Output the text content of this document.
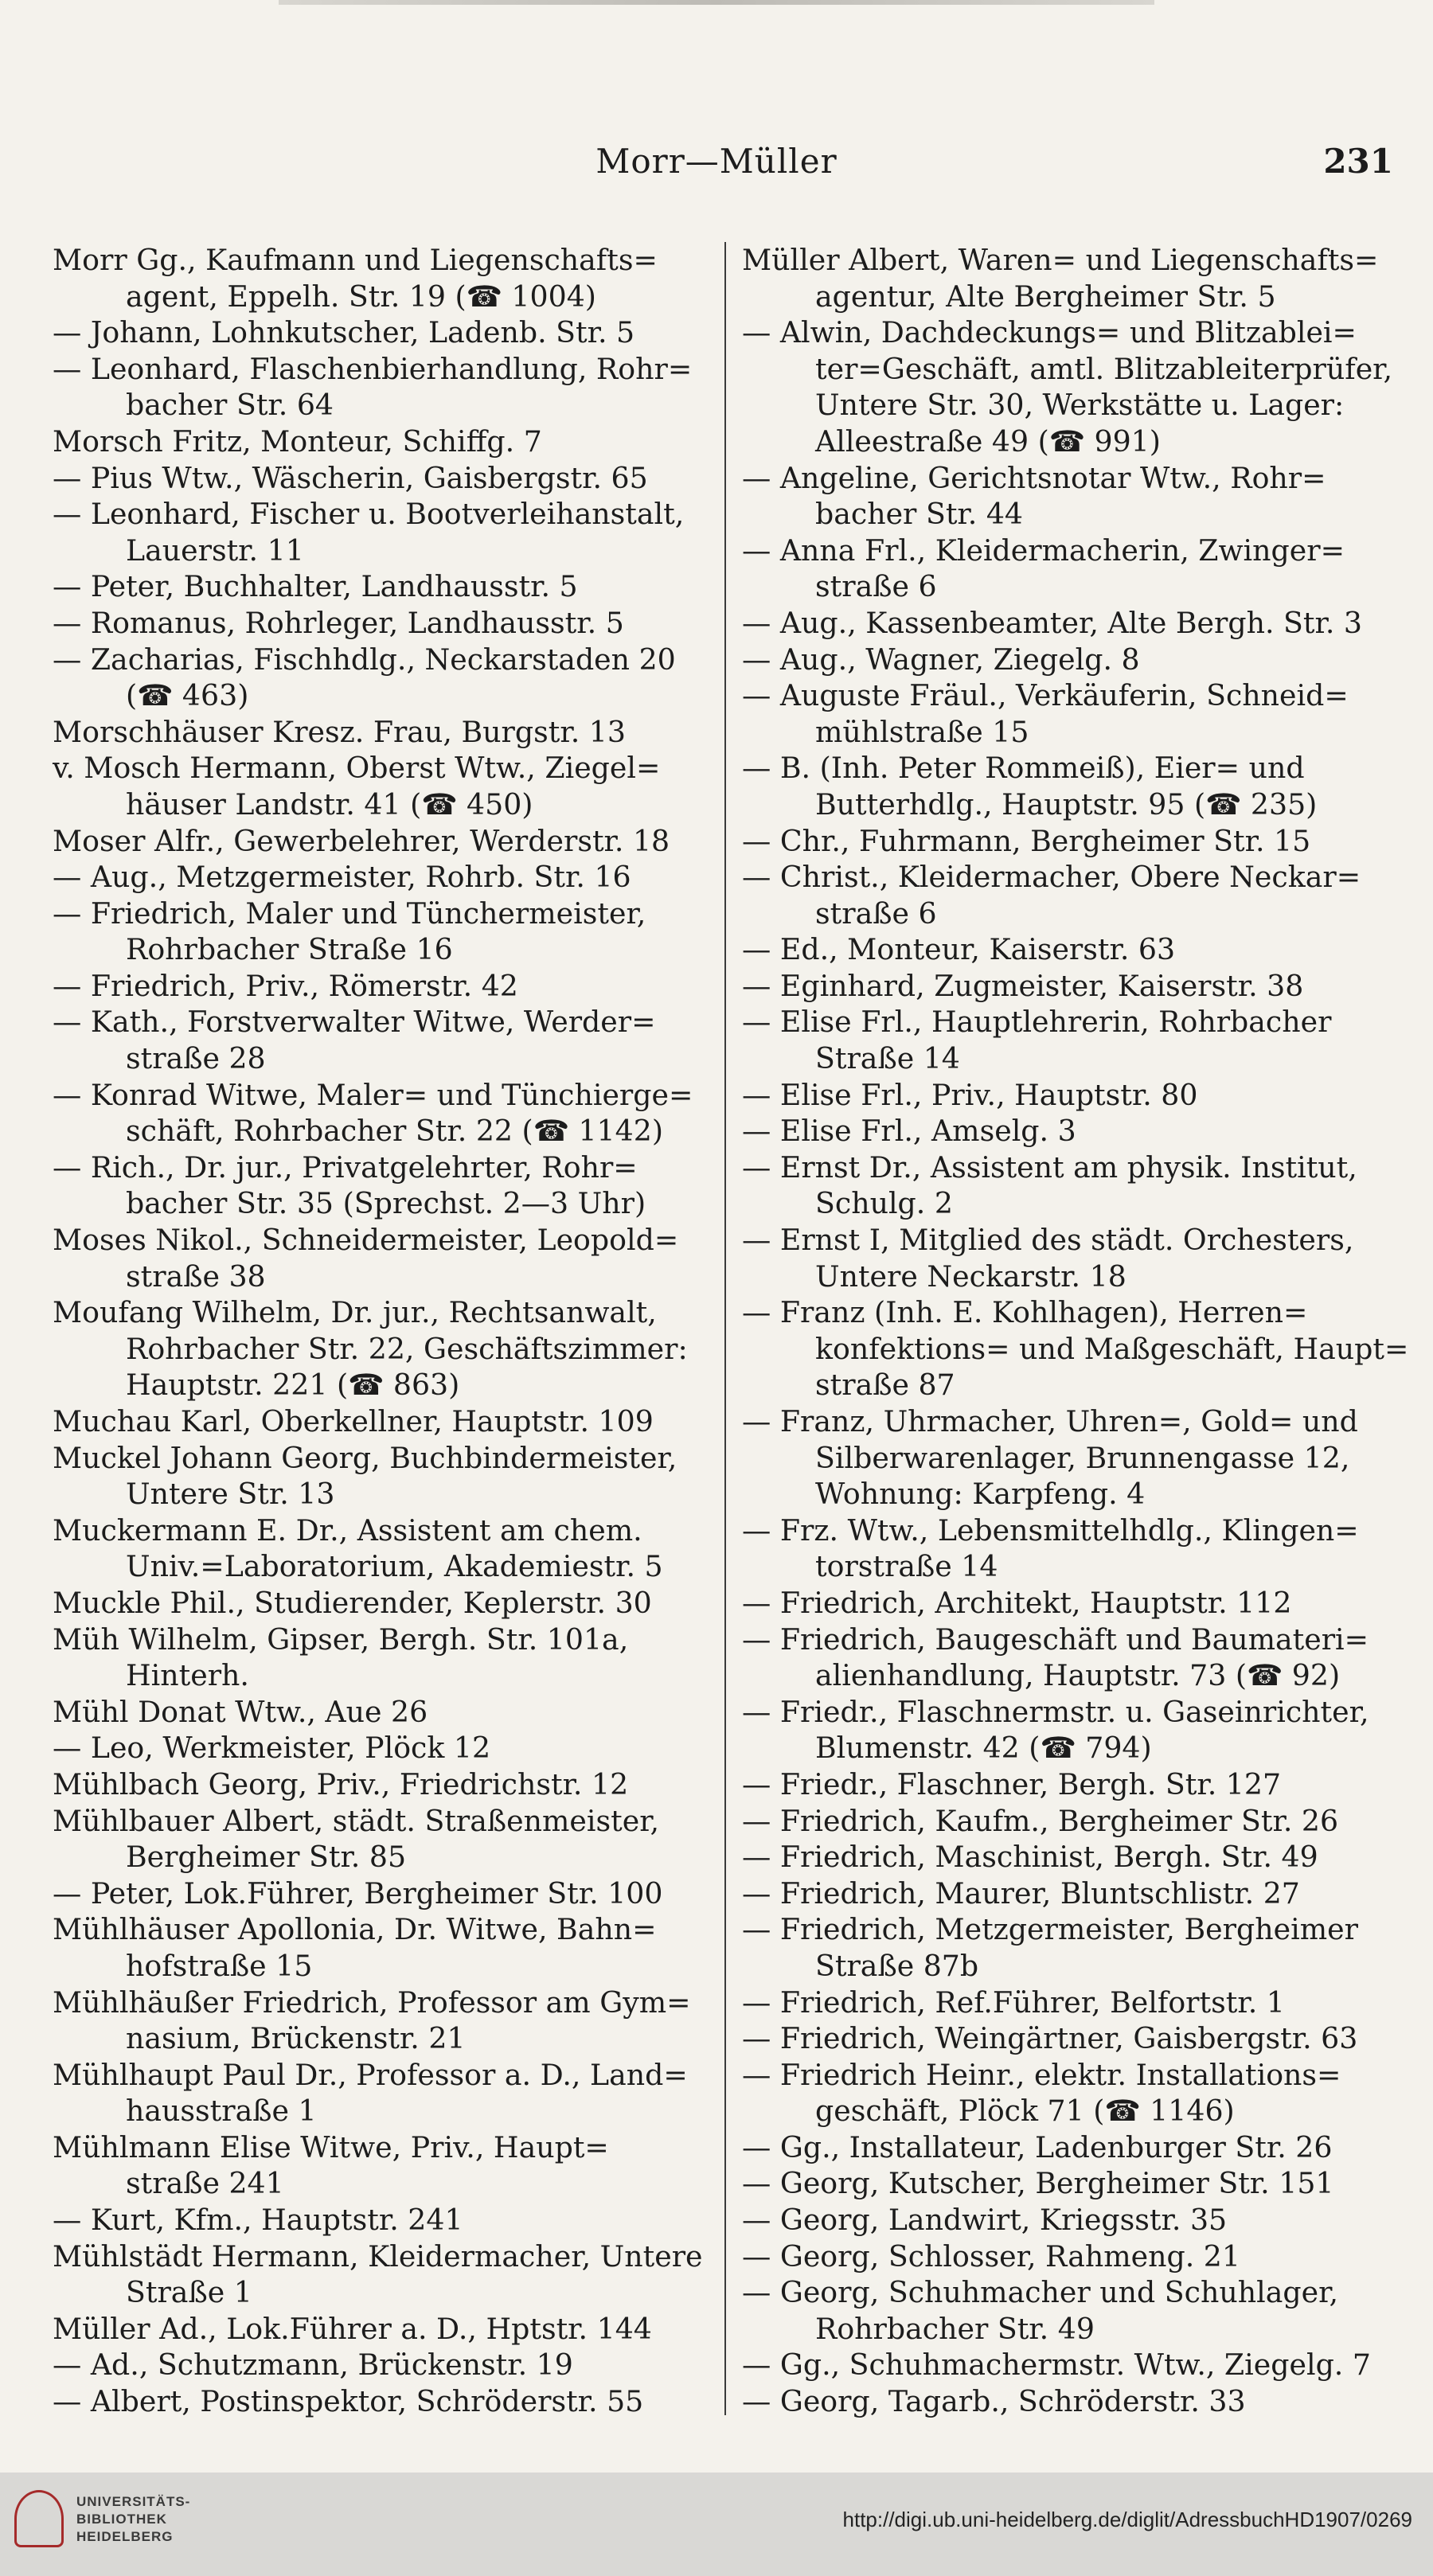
Morr—Müller	231
Morr Gg., Kaufmann und Liegenschafts=
agent, Eppelh. Str. 19 (☎ 1004)
— Johann, Lohnkutscher, Ladenb. Str. 5
— Leonhard, Flaschenbierhandlung, Rohr=
bacher Str. 64
Morsch Fritz, Monteur, Schiffg. 7
— Pius Wtw., Wäscherin, Gaisbergstr. 65
— Leonhard, Fischer u. Bootverleihanstalt,
Lauerstr. 11
— Peter, Buchhalter, Landhausstr. 5
— Romanus, Rohrleger, Landhausstr. 5
— Zacharias, Fischhdlg., Neckarstaden 20
(☎ 463)
Morschhäuser Kresz. Frau, Burgstr. 13
v. Mosch Hermann, Oberst Wtw., Ziegel=
häuser Landstr. 41 (☎ 450)
Moser Alfr., Gewerbelehrer, Werderstr. 18
— Aug., Metzgermeister, Rohrb. Str. 16
— Friedrich, Maler und Tünchermeister,
Rohrbacher Straße 16
— Friedrich, Priv., Römerstr. 42
— Kath., Forstverwalter Witwe, Werder=
straße 28
— Konrad Witwe, Maler= und Tünchierge=
schäft, Rohrbacher Str. 22 (☎ 1142)
— Rich., Dr. jur., Privatgelehrter, Rohr=
bacher Str. 35 (Sprechst. 2—3 Uhr)
Moses Nikol., Schneidermeister, Leopold=
straße 38
Moufang Wilhelm, Dr. jur., Rechtsanwalt,
Rohrbacher Str. 22, Geschäftszimmer:
Hauptstr. 221 (☎ 863)
Muchau Karl, Oberkellner, Hauptstr. 109
Muckel Johann Georg, Buchbindermeister,
Untere Str. 13
Muckermann E. Dr., Assistent am chem.
Univ.=Laboratorium, Akademiestr. 5
Muckle Phil., Studierender, Keplerstr. 30
Müh Wilhelm, Gipser, Bergh. Str. 101a,
Hinterh.
Mühl Donat Wtw., Aue 26
— Leo, Werkmeister, Plöck 12
Mühlbach Georg, Priv., Friedrichstr. 12
Mühlbauer Albert, städt. Straßenmeister,
Bergheimer Str. 85
— Peter, Lok.Führer, Bergheimer Str. 100
Mühlhäuser Apollonia, Dr. Witwe, Bahn=
hofstraße 15
Mühlhäußer Friedrich, Professor am Gym=
nasium, Brückenstr. 21
Mühlhaupt Paul Dr., Professor a. D., Land=
hausstraße 1
Mühlmann Elise Witwe, Priv., Haupt=
straße 241
— Kurt, Kfm., Hauptstr. 241
Mühlstädt Hermann, Kleidermacher, Untere
Straße 1
Müller Ad., Lok.Führer a. D., Hptstr. 144
— Ad., Schutzmann, Brückenstr. 19
— Albert, Postinspektor, Schröderstr. 55
Müller Albert, Waren= und Liegenschafts=
agentur, Alte Bergheimer Str. 5
— Alwin, Dachdeckungs= und Blitzablei=
ter=Geschäft, amtl. Blitzableiterprüfer,
Untere Str. 30, Werkstätte u. Lager:
Alleestraße 49 (☎ 991)
— Angeline, Gerichtsnotar Wtw., Rohr=
bacher Str. 44
— Anna Frl., Kleidermacherin, Zwinger=
straße 6
— Aug., Kassenbeamter, Alte Bergh. Str. 3
— Aug., Wagner, Ziegelg. 8
— Auguste Fräul., Verkäuferin, Schneid=
mühlstraße 15
— B. (Inh. Peter Rommeiß), Eier= und
Butterhdlg., Hauptstr. 95 (☎ 235)
— Chr., Fuhrmann, Bergheimer Str. 15
— Christ., Kleidermacher, Obere Neckar=
straße 6
— Ed., Monteur, Kaiserstr. 63
— Eginhard, Zugmeister, Kaiserstr. 38
— Elise Frl., Hauptlehrerin, Rohrbacher
Straße 14
— Elise Frl., Priv., Hauptstr. 80
— Elise Frl., Amselg. 3
— Ernst Dr., Assistent am physik. Institut,
Schulg. 2
— Ernst I, Mitglied des städt. Orchesters,
Untere Neckarstr. 18
— Franz (Inh. E. Kohlhagen), Herren=
konfektions= und Maßgeschäft, Haupt=
straße 87
— Franz, Uhrmacher, Uhren=, Gold= und
Silberwarenlager, Brunnengasse 12,
Wohnung: Karpfeng. 4
— Frz. Wtw., Lebensmittelhdlg., Klingen=
torstraße 14
— Friedrich, Architekt, Hauptstr. 112
— Friedrich, Baugeschäft und Baumateri=
alienhandlung, Hauptstr. 73 (☎ 92)
— Friedr., Flaschnermstr. u. Gaseinrichter,
Blumenstr. 42 (☎ 794)
— Friedr., Flaschner, Bergh. Str. 127
— Friedrich, Kaufm., Bergheimer Str. 26
— Friedrich, Maschinist, Bergh. Str. 49
— Friedrich, Maurer, Bluntschlistr. 27
— Friedrich, Metzgermeister, Bergheimer
Straße 87b
— Friedrich, Ref.Führer, Belfortstr. 1
— Friedrich, Weingärtner, Gaisbergstr. 63
— Friedrich Heinr., elektr. Installations=
geschäft, Plöck 71 (☎ 1146)
— Gg., Installateur, Ladenburger Str. 26
— Georg, Kutscher, Bergheimer Str. 151
— Georg, Landwirt, Kriegsstr. 35
— Georg, Schlosser, Rahmeng. 21
— Georg, Schuhmacher und Schuhlager,
Rohrbacher Str. 49
— Gg., Schuhmachermstr. Wtw., Ziegelg. 7
— Georg, Tagarb., Schröderstr. 33
UNIVERSITÄTS-
BIBLIOTHEK
HEIDELBERG
http://digi.ub.uni-heidelberg.de/diglit/AdressbuchHD1907/0269
